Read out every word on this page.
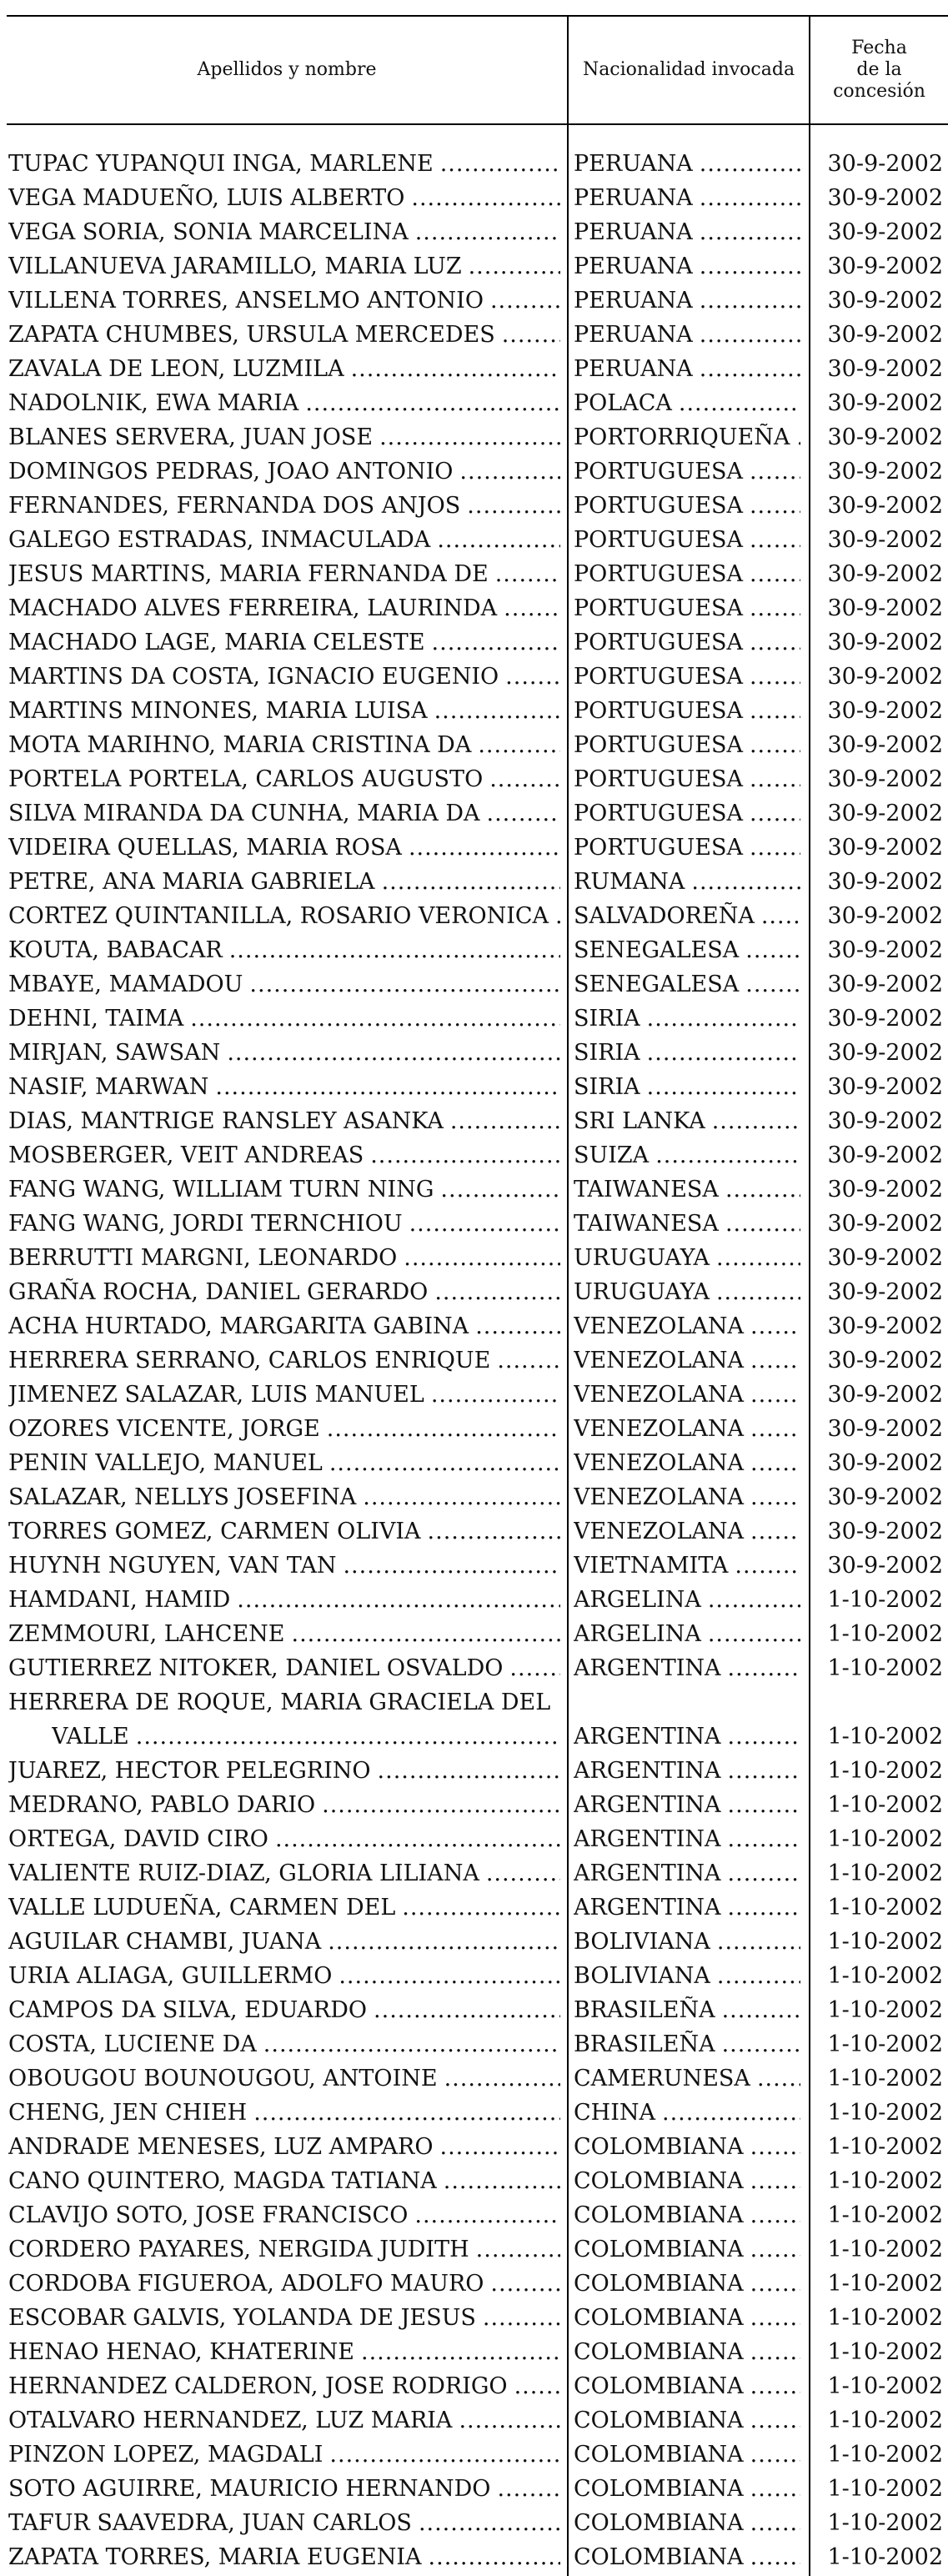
Apellidos y nombre	Nacionalidad invocada
Fecha
de la
concesión
TUPAC YUPANQUI INGA, MARLENE .....	PERUANA .....	30-9-2002
VEGA MADUEÑO, LUIS ALBERTO .....	PERUANA .....	30-9-2002
VEGA SORIA, SONIA MARCELINA .....	PERUANA .....	30-9-2002
VILLANUEVA JARAMILLO, MARIA LUZ .....	PERUANA .....	30-9-2002
VILLENA TORRES, ANSELMO ANTONIO .....	PERUANA .....	30-9-2002
ZAPATA CHUMBES, URSULA MERCEDES .....	PERUANA .....	30-9-2002
ZAVALA DE LEON, LUZMILA .....	PERUANA .....	30-9-2002
NADOLNIK, EWA MARIA .....	POLACA .....	30-9-2002
BLANES SERVERA, JUAN JOSE .....	PORTORRIQUEÑA .....	30-9-2002
DOMINGOS PEDRAS, JOAO ANTONIO .....	PORTUGUESA .....	30-9-2002
FERNANDES, FERNANDA DOS ANJOS .....	PORTUGUESA .....	30-9-2002
GALEGO ESTRADAS, INMACULADA .....	PORTUGUESA .....	30-9-2002
JESUS MARTINS, MARIA FERNANDA DE .....	PORTUGUESA .....	30-9-2002
MACHADO ALVES FERREIRA, LAURINDA .....	PORTUGUESA .....	30-9-2002
MACHADO LAGE, MARIA CELESTE .....	PORTUGUESA .....	30-9-2002
MARTINS DA COSTA, IGNACIO EUGENIO .....	PORTUGUESA .....	30-9-2002
MARTINS MINONES, MARIA LUISA .....	PORTUGUESA .....	30-9-2002
MOTA MARIHNO, MARIA CRISTINA DA .....	PORTUGUESA .....	30-9-2002
PORTELA PORTELA, CARLOS AUGUSTO .....	PORTUGUESA .....	30-9-2002
SILVA MIRANDA DA CUNHA, MARIA DA .....	PORTUGUESA .....	30-9-2002
VIDEIRA QUELLAS, MARIA ROSA .....	PORTUGUESA .....	30-9-2002
PETRE, ANA MARIA GABRIELA .....	RUMANA .....	30-9-2002
CORTEZ QUINTANILLA, ROSARIO VERONICA ..... SALVADOREÑA .....	30-9-2002
KOUTA, BABACAR .....	SENEGALESA .....	30-9-2002
MBAYE, MAMADOU .....	SENEGALESA .....	30-9-2002
DEHNI, TAIMA .....	SIRIA .....	30-9-2002
MIRJAN, SAWSAN .....	SIRIA .....	30-9-2002
NASIF, MARWAN .....	SIRIA .....	30-9-2002
DIAS, MANTRIGE RANSLEY ASANKA .....	SRI LANKA .....	30-9-2002
MOSBERGER, VEIT ANDREAS .....	SUIZA .....	30-9-2002
FANG WANG, WILLIAM TURN NING .....	TAIWANESA .....	30-9-2002
FANG WANG, JORDI TERNCHIOU .....	TAIWANESA .....	30-9-2002
BERRUTTI MARGNI, LEONARDO .....	URUGUAYA .....	30-9-2002
GRAÑA ROCHA, DANIEL GERARDO .....	URUGUAYA .....	30-9-2002
ACHA HURTADO, MARGARITA GABINA .....	VENEZOLANA .....	30-9-2002
HERRERA SERRANO, CARLOS ENRIQUE .....	VENEZOLANA .....	30-9-2002
JIMENEZ SALAZAR, LUIS MANUEL .....	VENEZOLANA .....	30-9-2002
OZORES VICENTE, JORGE .....	VENEZOLANA .....	30-9-2002
PENIN VALLEJO, MANUEL .....	VENEZOLANA .....	30-9-2002
SALAZAR, NELLYS JOSEFINA .....	VENEZOLANA .....	30-9-2002
TORRES GOMEZ, CARMEN OLIVIA .....	VENEZOLANA .....	30-9-2002
HUYNH NGUYEN, VAN TAN .....	VIETNAMITA .....	30-9-2002
HAMDANI, HAMID .....	ARGELINA .....	1-10-2002
ZEMMOURI, LAHCENE .....	ARGELINA .....	1-10-2002
GUTIERREZ NITOKER, DANIEL OSVALDO .....	ARGENTINA .....	1-10-2002
HERRERA DE ROQUE, MARIA GRACIELA DEL
VALLE .....	ARGENTINA .....	1-10-2002
JUAREZ, HECTOR PELEGRINO .....	ARGENTINA .....	1-10-2002
MEDRANO, PABLO DARIO .....	ARGENTINA .....	1-10-2002
ORTEGA, DAVID CIRO .....	ARGENTINA .....	1-10-2002
VALIENTE RUIZ-DIAZ, GLORIA LILIANA .....	ARGENTINA .....	1-10-2002
VALLE LUDUEÑA, CARMEN DEL .....	ARGENTINA .....	1-10-2002
AGUILAR CHAMBI, JUANA .....	BOLIVIANA .....	1-10-2002
URIA ALIAGA, GUILLERMO .....	BOLIVIANA .....	1-10-2002
CAMPOS DA SILVA, EDUARDO .....	BRASILEÑA .....	1-10-2002
COSTA, LUCIENE DA .....	BRASILEÑA .....	1-10-2002
OBOUGOU BOUNOUGOU, ANTOINE .....	CAMERUNESA .....	1-10-2002
CHENG, JEN CHIEH .....	CHINA .....	1-10-2002
ANDRADE MENESES, LUZ AMPARO .....	COLOMBIANA .....	1-10-2002
CANO QUINTERO, MAGDA TATIANA .....	COLOMBIANA .....	1-10-2002
CLAVIJO SOTO, JOSE FRANCISCO .....	COLOMBIANA .....	1-10-2002
CORDERO PAYARES, NERGIDA JUDITH .....	COLOMBIANA .....	1-10-2002
CORDOBA FIGUEROA, ADOLFO MAURO .....	COLOMBIANA .....	1-10-2002
ESCOBAR GALVIS, YOLANDA DE JESUS .....	COLOMBIANA .....	1-10-2002
HENAO HENAO, KHATERINE .....	COLOMBIANA .....	1-10-2002
HERNANDEZ CALDERON, JOSE RODRIGO .....	COLOMBIANA .....	1-10-2002
OTALVARO HERNANDEZ, LUZ MARIA .....	COLOMBIANA .....	1-10-2002
PINZON LOPEZ, MAGDALI .....	COLOMBIANA .....	1-10-2002
SOTO AGUIRRE, MAURICIO HERNANDO .....	COLOMBIANA .....	1-10-2002
TAFUR SAAVEDRA, JUAN CARLOS .....	COLOMBIANA .....	1-10-2002
ZAPATA TORRES, MARIA EUGENIA .....	COLOMBIANA .....	1-10-2002
